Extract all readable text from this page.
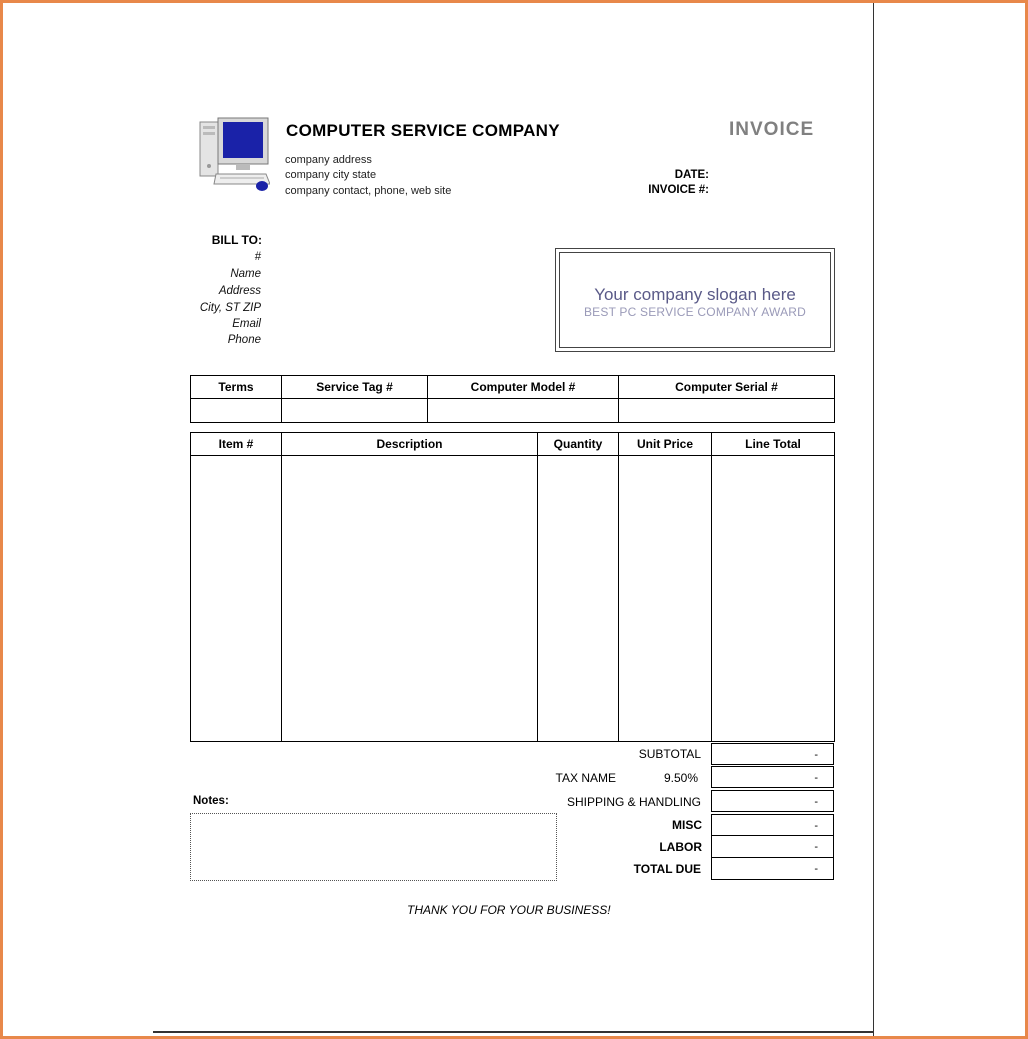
COMPUTER SERVICE COMPANY
company address
company city state
company contact, phone, web site
INVOICE
DATE:
INVOICE #:
BILL TO:
#
Name
Address
City, ST ZIP
Email
Phone
Your company slogan here
BEST PC SERVICE COMPANY AWARD
Terms	Service Tag #	Computer Model #	Computer Serial #

Item #	Description	Quantity	Unit Price	Line Total

SUBTOTAL	-
TAX NAME	9.50%	-
SHIPPING & HANDLING	-
MISC	-
LABOR	-
TOTAL DUE	-
Notes:
THANK YOU FOR YOUR BUSINESS!
